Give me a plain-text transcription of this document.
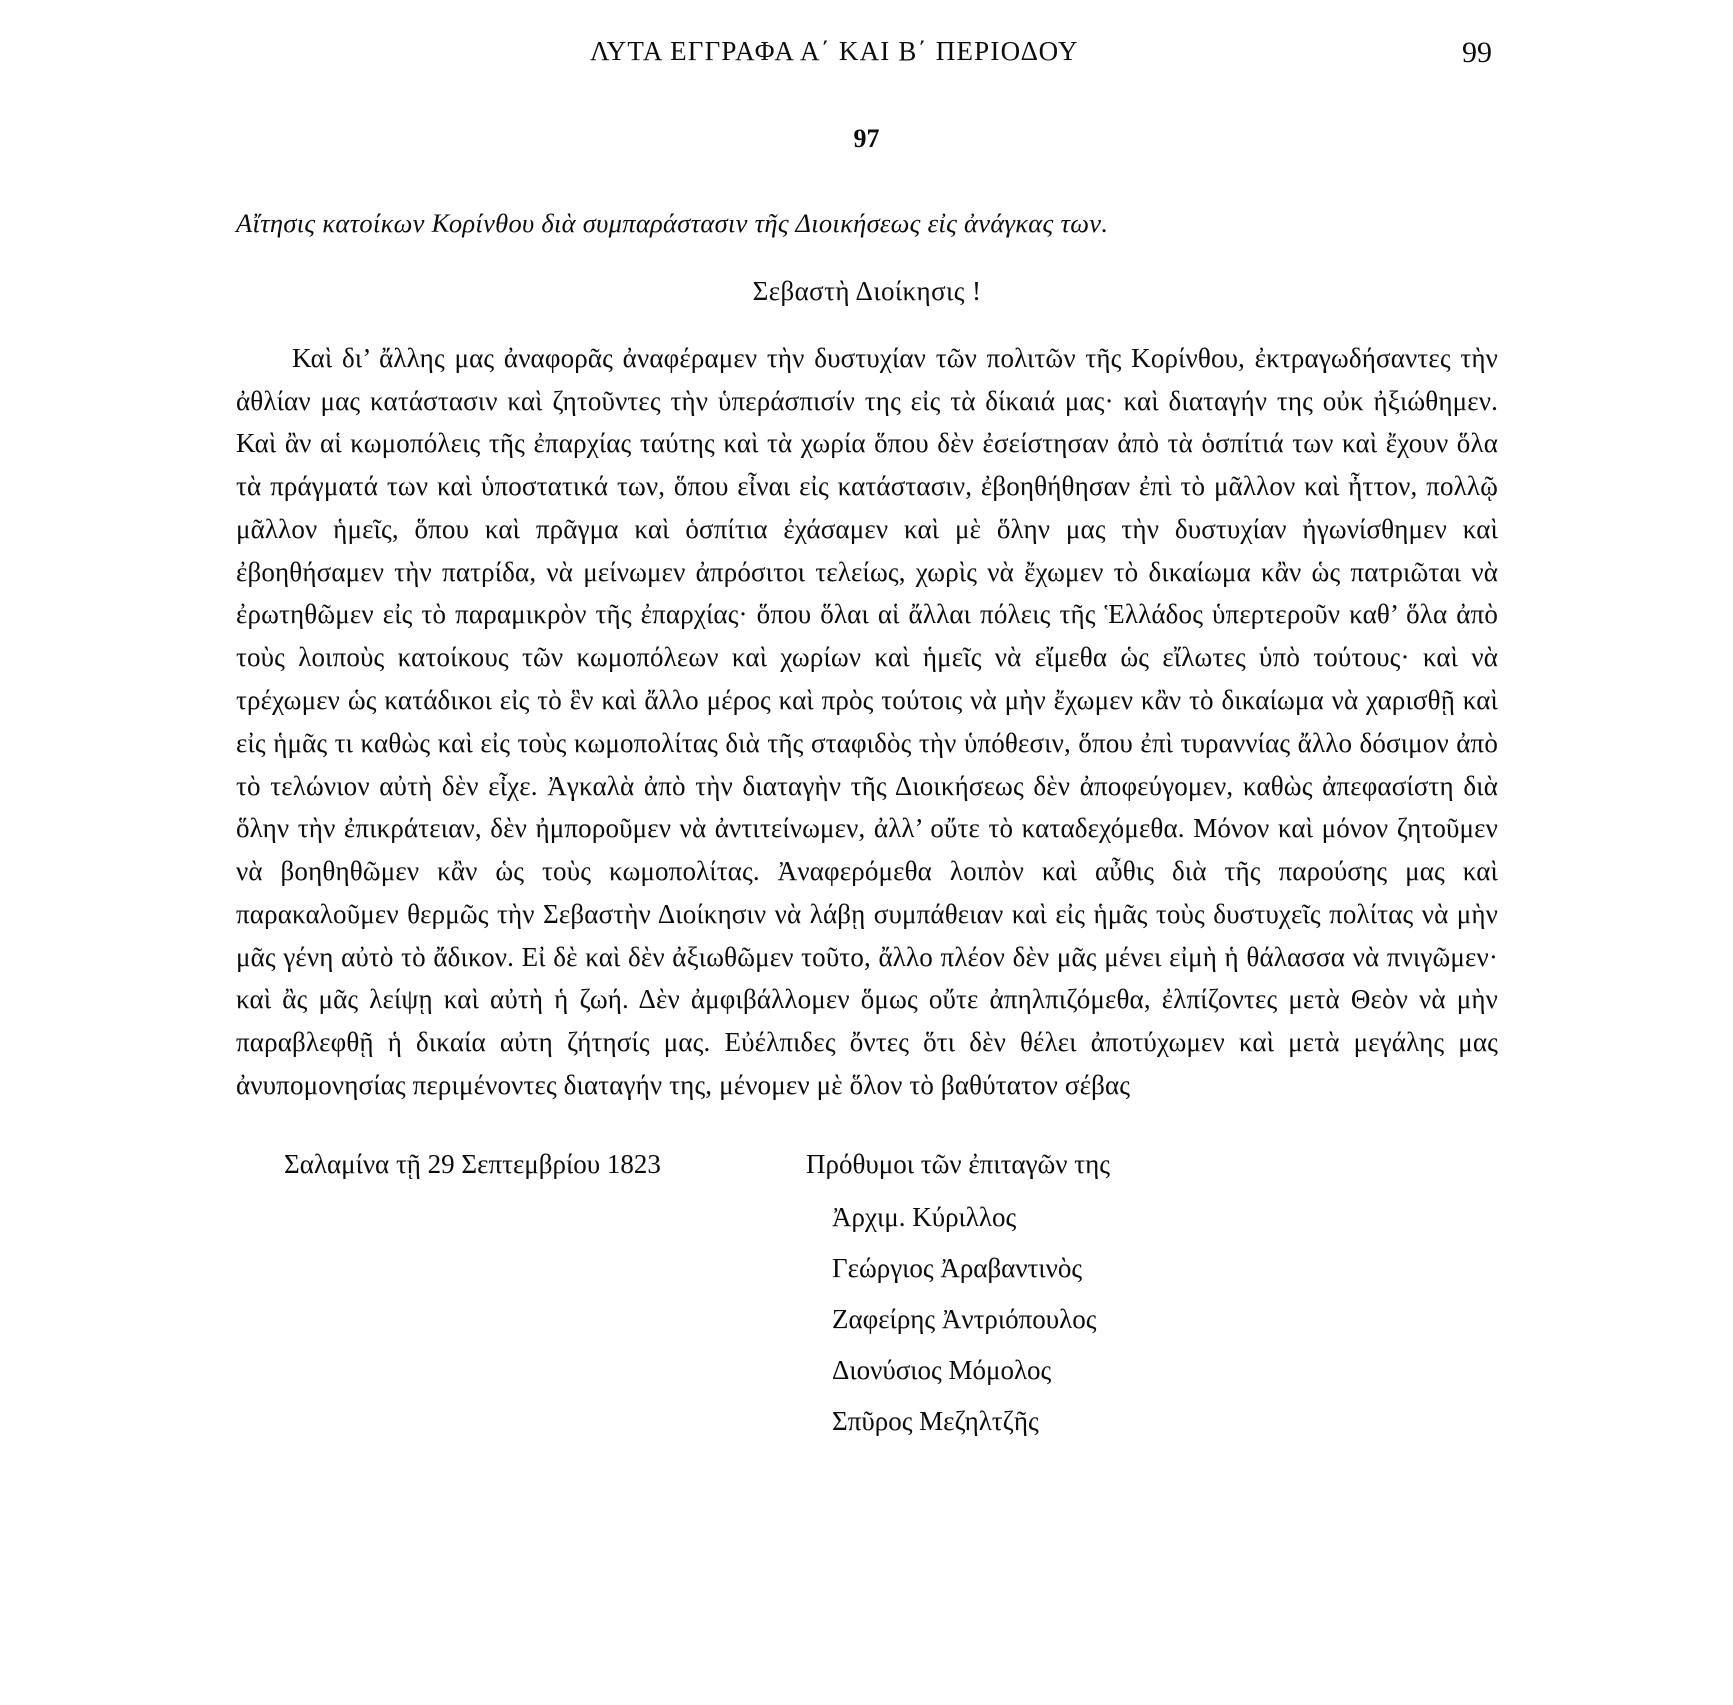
ΛΥΤΑ ΕΓΓΡΑΦΑ Α΄ ΚΑΙ Β΄ ΠΕΡΙΟΔΟΥ	99
97

Αἴτησις κατοίκων Κορίνθου διὰ συμπαράστασιν τῆς Διοικήσεως εἰς ἀνάγκας των.

Σεβαστὴ Διοίκησις !

Καὶ δι’ ἄλλης μας ἀναφορᾶς ἀναφέραμεν τὴν δυστυχίαν τῶν πολιτῶν τῆς Κορίνθου, ἐκτραγωδήσαντες τὴν ἀθλίαν μας κατάστασιν καὶ ζητοῦντες τὴν ὑπεράσπισίν της εἰς τὰ δίκαιά μας· καὶ διαταγήν της οὐκ ἠξιώθημεν. Καὶ ἂν αἱ κωμοπόλεις τῆς ἐπαρχίας ταύτης καὶ τὰ χωρία ὅπου δὲν ἐσείστησαν ἀπὸ τὰ ὁσπίτιά των καὶ ἔχουν ὅλα τὰ πράγματά των καὶ ὑποστατικά των, ὅπου εἶναι εἰς κατάστασιν, ἐβοηθήθησαν ἐπὶ τὸ μᾶλλον καὶ ἦττον, πολλῷ μᾶλλον ἡμεῖς, ὅπου καὶ πρᾶγμα καὶ ὁσπίτια ἐχάσαμεν καὶ μὲ ὅλην μας τὴν δυστυχίαν ἠγωνίσθημεν καὶ ἐβοηθήσαμεν τὴν πατρίδα, νὰ μείνωμεν ἀπρόσιτοι τελείως, χωρὶς νὰ ἔχωμεν τὸ δικαίωμα κἂν ὡς πατριῶται νὰ ἐρωτηθῶμεν εἰς τὸ παραμικρὸν τῆς ἐπαρχίας· ὅπου ὅλαι αἱ ἄλλαι πόλεις τῆς Ἑλλάδος ὑπερτεροῦν καθ’ ὅλα ἀπὸ τοὺς λοιποὺς κατοίκους τῶν κωμοπόλεων καὶ χωρίων καὶ ἡμεῖς νὰ εἴμεθα ὡς εἴλωτες ὑπὸ τούτους· καὶ νὰ τρέχωμεν ὡς κατάδικοι εἰς τὸ ἓν καὶ ἄλλο μέρος καὶ πρὸς τούτοις νὰ μὴν ἔχωμεν κἂν τὸ δικαίωμα νὰ χαρισθῇ καὶ εἰς ἡμᾶς τι καθὼς καὶ εἰς τοὺς κωμοπολίτας διὰ τῆς σταφιδὸς τὴν ὑπόθεσιν, ὅπου ἐπὶ τυραννίας ἄλλο δόσιμον ἀπὸ τὸ τελώνιον αὐτὴ δὲν εἶχε. Ἀγκαλὰ ἀπὸ τὴν διαταγὴν τῆς Διοικήσεως δὲν ἀποφεύγομεν, καθὼς ἀπεφασίστη διὰ ὅλην τὴν ἐπικράτειαν, δὲν ἠμποροῦμεν νὰ ἀντιτείνωμεν, ἀλλ’ οὔτε τὸ καταδεχόμεθα. Μόνον καὶ μόνον ζητοῦμεν νὰ βοηθηθῶμεν κἂν ὡς τοὺς κωμοπολίτας. Ἀναφερόμεθα λοιπὸν καὶ αὖθις διὰ τῆς παρούσης μας καὶ παρακαλοῦμεν θερμῶς τὴν Σεβαστὴν Διοίκησιν νὰ λάβῃ συμπάθειαν καὶ εἰς ἡμᾶς τοὺς δυστυχεῖς πολίτας νὰ μὴν μᾶς γένη αὐτὸ τὸ ἄδικον. Εἰ δὲ καὶ δὲν ἀξιωθῶμεν τοῦτο, ἄλλο πλέον δὲν μᾶς μένει εἰμὴ ἡ θάλασσα νὰ πνιγῶμεν· καὶ ἂς μᾶς λείψῃ καὶ αὐτὴ ἡ ζωή. Δὲν ἀμφιβάλλομεν ὅμως οὔτε ἀπηλπιζόμεθα, ἐλπίζοντες μετὰ Θεὸν νὰ μὴν παραβλεφθῇ ἡ δικαία αὐτη ζήτησίς μας. Εὐέλπιδες ὄντες ὅτι δὲν θέλει ἀποτύχωμεν καὶ μετὰ μεγάλης μας ἀνυπομονησίας περιμένοντες διαταγήν της, μένομεν μὲ ὅλον τὸ βαθύτατον σέβας

Σαλαμίνα τῇ 29 Σεπτεμβρίου 1823	Πρόθυμοι τῶν ἐπιταγῶν της

Ἀρχιμ. Κύριλλος

Γεώργιος Ἀραβαντινὸς

Ζαφείρης Ἀντριόπουλος

Διονύσιος Μόμολος

Σπῦρος Μεζηλτζῆς
